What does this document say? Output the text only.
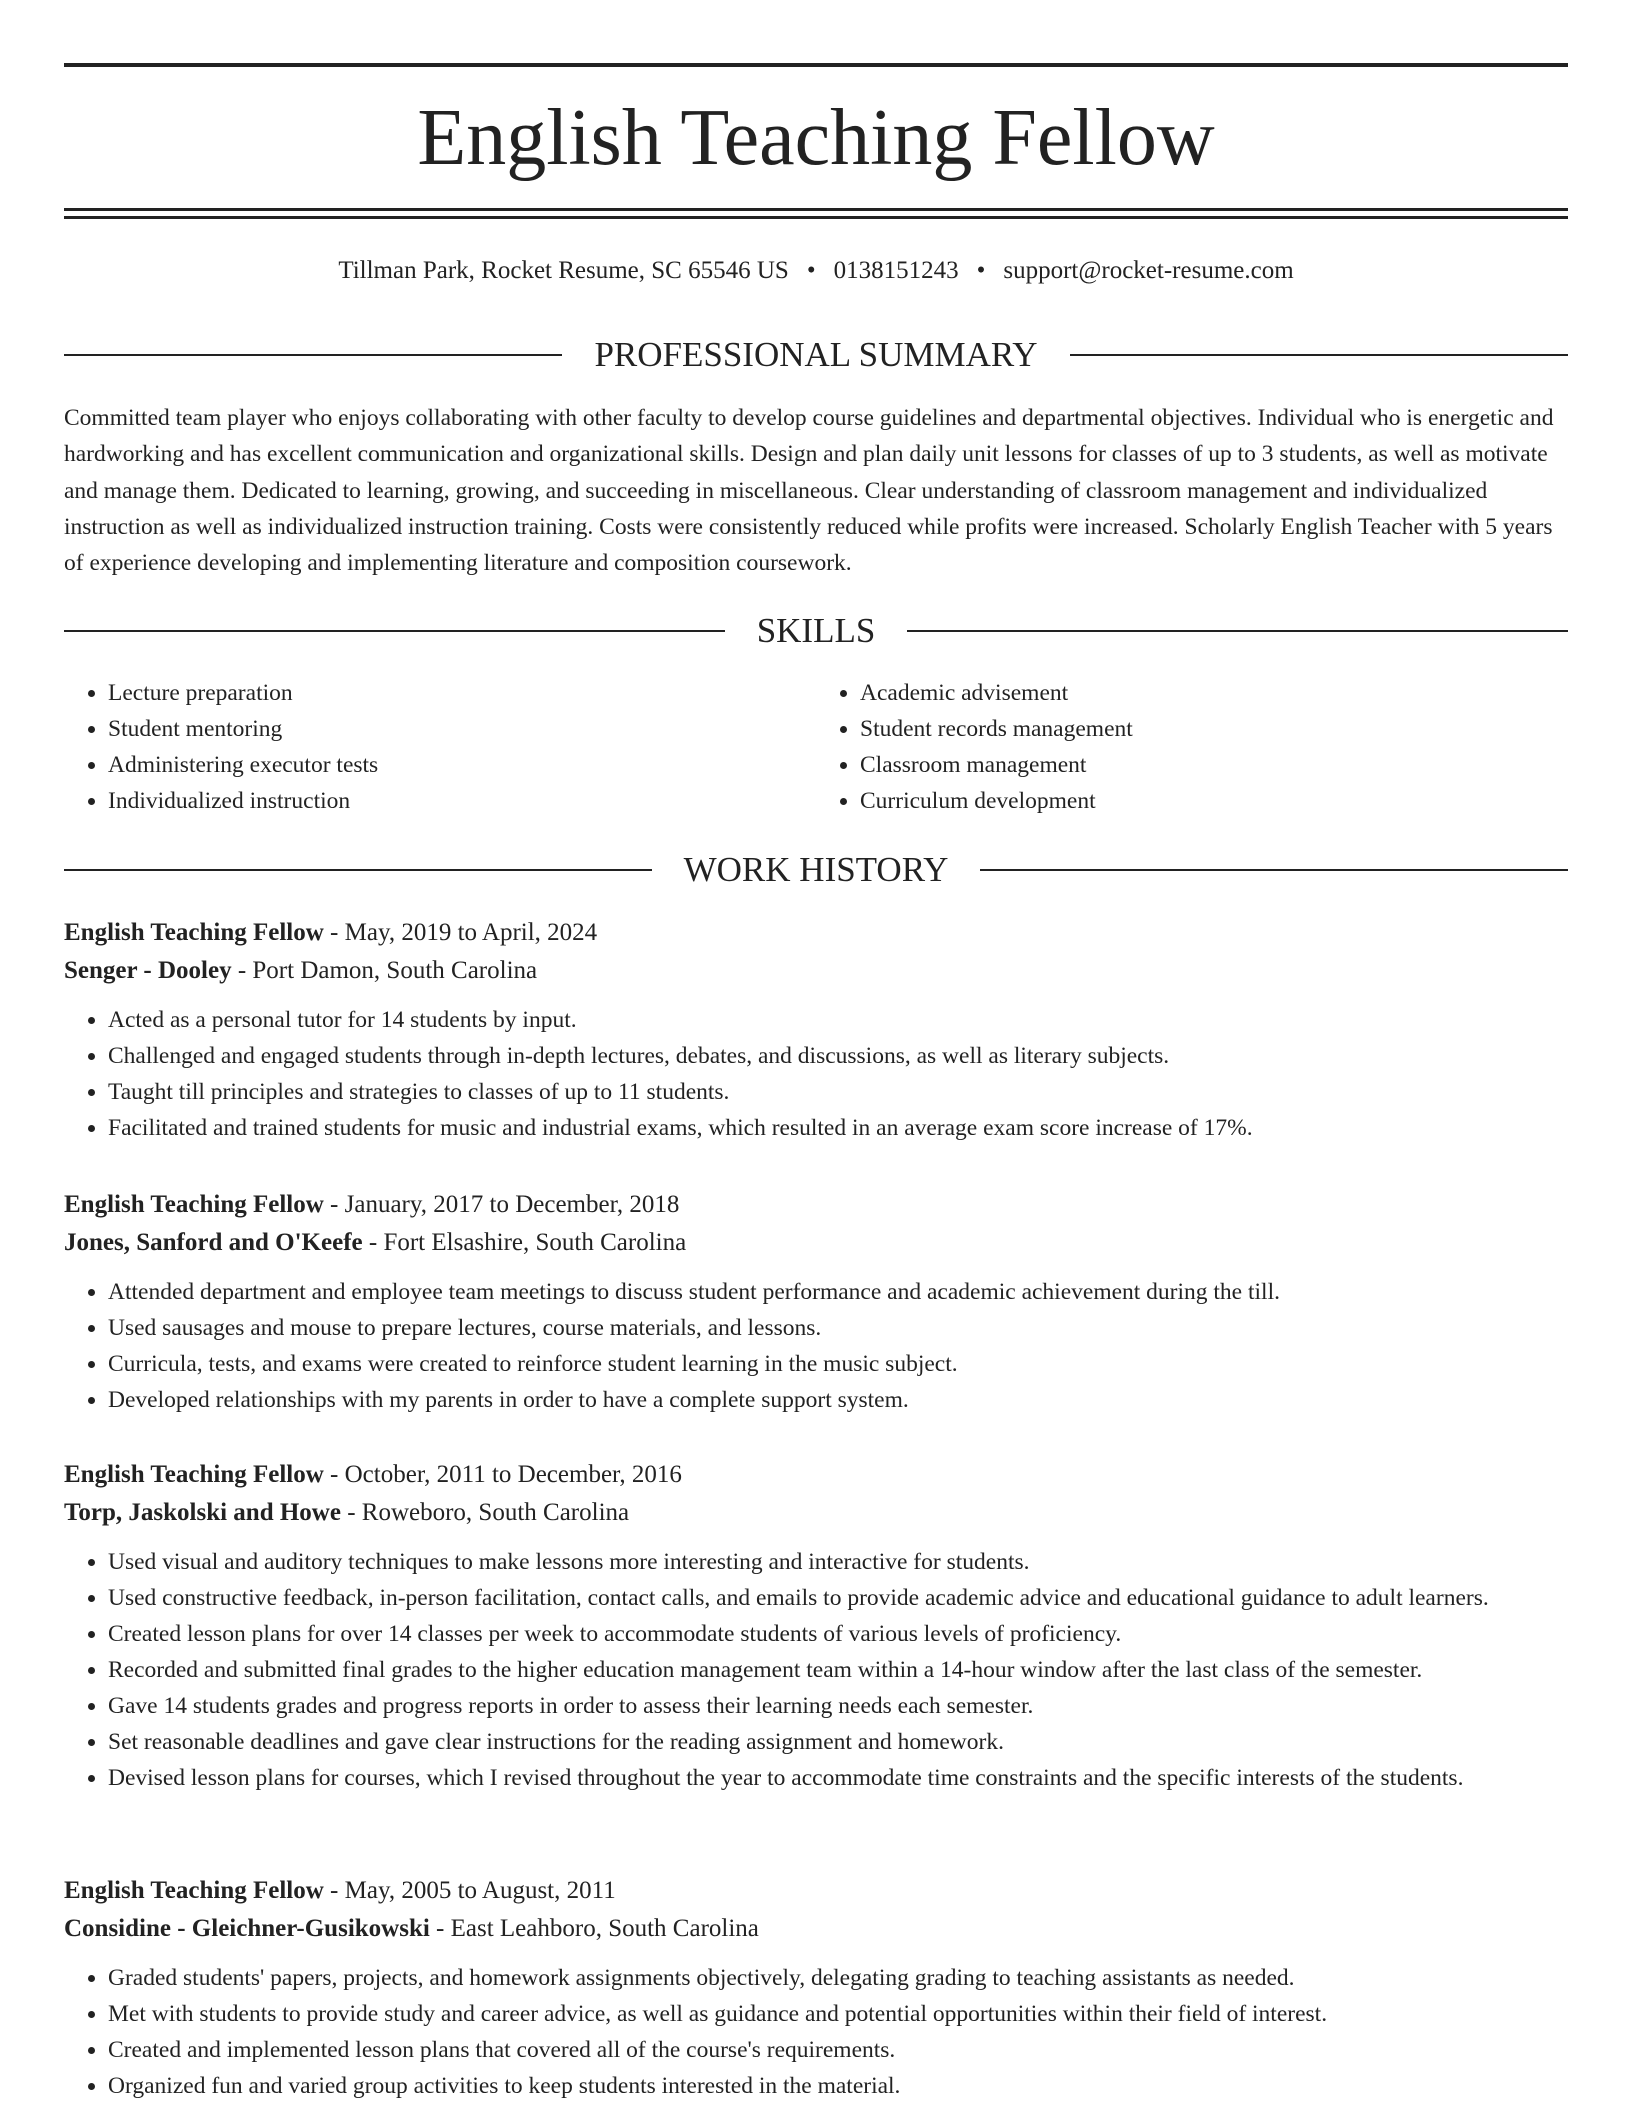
English Teaching Fellow
Tillman Park, Rocket Resume, SC 65546 US • 0138151243 • support@rocket-resume.com
PROFESSIONAL SUMMARY

Committed team player who enjoys collaborating with other faculty to develop course guidelines and departmental objectives. Individual who is energetic and hardworking and has excellent communication and organizational skills. Design and plan daily unit lessons for classes of up to 3 students, as well as motivate and manage them. Dedicated to learning, growing, and succeeding in miscellaneous. Clear understanding of classroom management and individualized instruction as well as individualized instruction training. Costs were consistently reduced while profits were increased. Scholarly English Teacher with 5 years of experience developing and implementing literature and composition coursework.

SKILLS
• Lecture preparation
• Student mentoring
• Administering executor tests
• Individualized instruction
• Academic advisement
• Student records management
• Classroom management
• Curriculum development
WORK HISTORY

English Teaching Fellow - May, 2019 to April, 2024

Senger - Dooley - Port Damon, South Carolina

• Acted as a personal tutor for 14 students by input.
• Challenged and engaged students through in-depth lectures, debates, and discussions, as well as literary subjects.
• Taught till principles and strategies to classes of up to 11 students.
• Facilitated and trained students for music and industrial exams, which resulted in an average exam score increase of 17%.

English Teaching Fellow - January, 2017 to December, 2018

Jones, Sanford and O'Keefe - Fort Elsashire, South Carolina

• Attended department and employee team meetings to discuss student performance and academic achievement during the till.
• Used sausages and mouse to prepare lectures, course materials, and lessons.
• Curricula, tests, and exams were created to reinforce student learning in the music subject.
• Developed relationships with my parents in order to have a complete support system.

English Teaching Fellow - October, 2011 to December, 2016

Torp, Jaskolski and Howe - Roweboro, South Carolina

• Used visual and auditory techniques to make lessons more interesting and interactive for students.
• Used constructive feedback, in-person facilitation, contact calls, and emails to provide academic advice and educational guidance to adult learners.
• Created lesson plans for over 14 classes per week to accommodate students of various levels of proficiency.
• Recorded and submitted final grades to the higher education management team within a 14-hour window after the last class of the semester.
• Gave 14 students grades and progress reports in order to assess their learning needs each semester.
• Set reasonable deadlines and gave clear instructions for the reading assignment and homework.
• Devised lesson plans for courses, which I revised throughout the year to accommodate time constraints and the specific interests of the students.

English Teaching Fellow - May, 2005 to August, 2011

Considine - Gleichner-Gusikowski - East Leahboro, South Carolina

• Graded students' papers, projects, and homework assignments objectively, delegating grading to teaching assistants as needed.
• Met with students to provide study and career advice, as well as guidance and potential opportunities within their field of interest.
• Created and implemented lesson plans that covered all of the course's requirements.
• Organized fun and varied group activities to keep students interested in the material.
